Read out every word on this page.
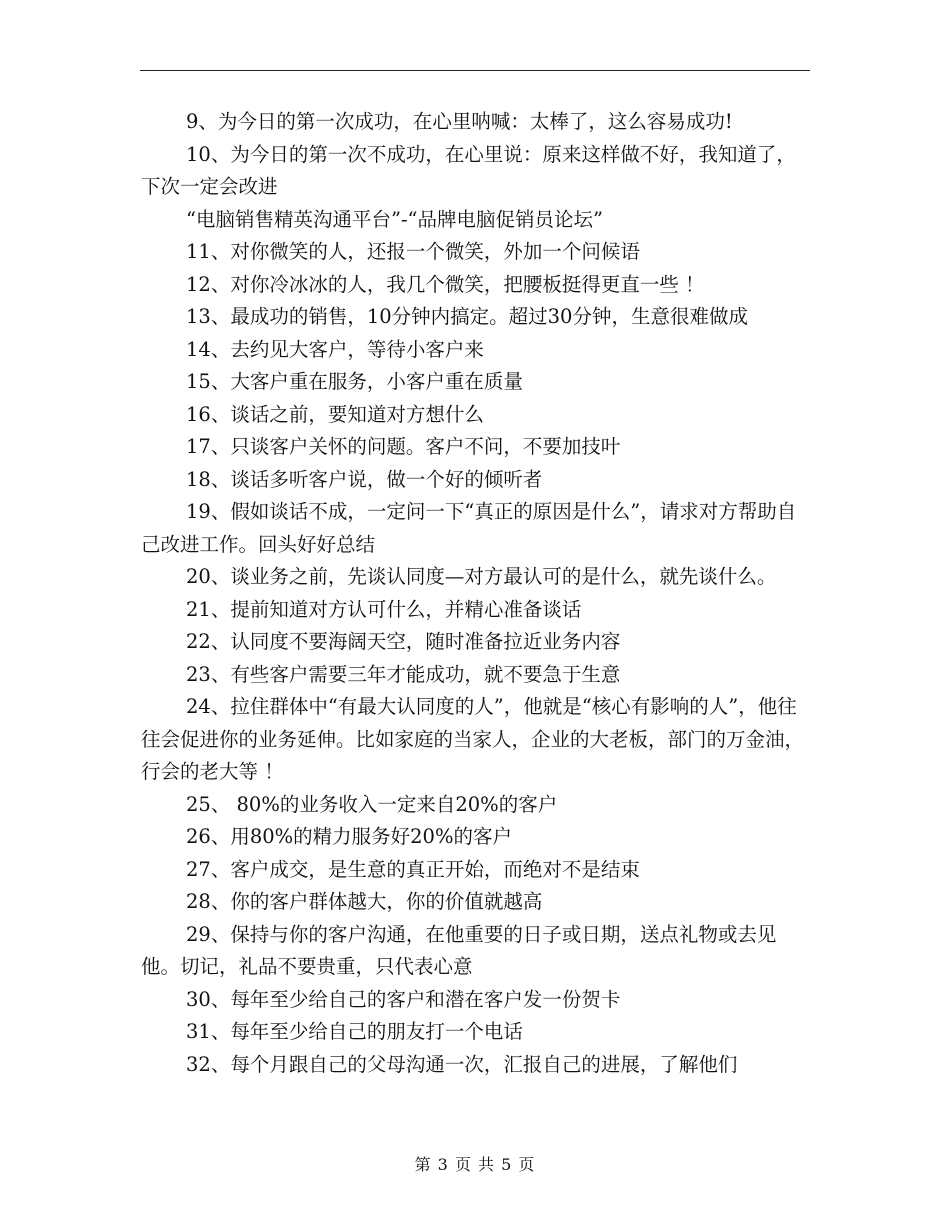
9、为今日的第一次成功，在心里呐喊：太棒了，这么容易成功!

10、为今日的第一次不成功，在心里说：原来这样做不好，我知道了，下次一定会改进

“电脑销售精英沟通平台”-“品牌电脑促销员论坛”

11、对你微笑的人，还报一个微笑，外加一个问候语

12、对你冷冰冰的人，我几个微笑，把腰板挺得更直一些 ！

13、最成功的销售，10分钟内搞定。超过30分钟，生意很难做成

14、去约见大客户，等待小客户来

15、大客户重在服务，小客户重在质量

16、谈话之前，要知道对方想什么

17、只谈客户关怀的问题。客户不问，不要加技叶

18、谈话多听客户说，做一个好的倾听者

19、假如谈话不成，一定问一下“真正的原因是什么”，请求对方帮助自己改进工作。回头好好总结

20、谈业务之前，先谈认同度—对方最认可的是什么，就先谈什么。

21、提前知道对方认可什么，并精心准备谈话

22、认同度不要海阔天空，随时准备拉近业务内容

23、有些客户需要三年才能成功，就不要急于生意

24、拉住群体中“有最大认同度的人”，他就是“核心有影响的人”，他往往会促进你的业务延伸。比如家庭的当家人，企业的大老板，部门的万金油，行会的老大等 ！

25、 80%的业务收入一定来自20%的客户

26、用80%的精力服务好20%的客户

27、客户成交，是生意的真正开始，而绝对不是结束

28、你的客户群体越大，你的价值就越高

29、保持与你的客户沟通，在他重要的日子或日期，送点礼物或去见他。切记，礼品不要贵重，只代表心意

30、每年至少给自己的客户和潜在客户发一份贺卡

31、每年至少给自己的朋友打一个电话

32、每个月跟自己的父母沟通一次，汇报自己的进展，了解他们

第 3 页 共 5 页
